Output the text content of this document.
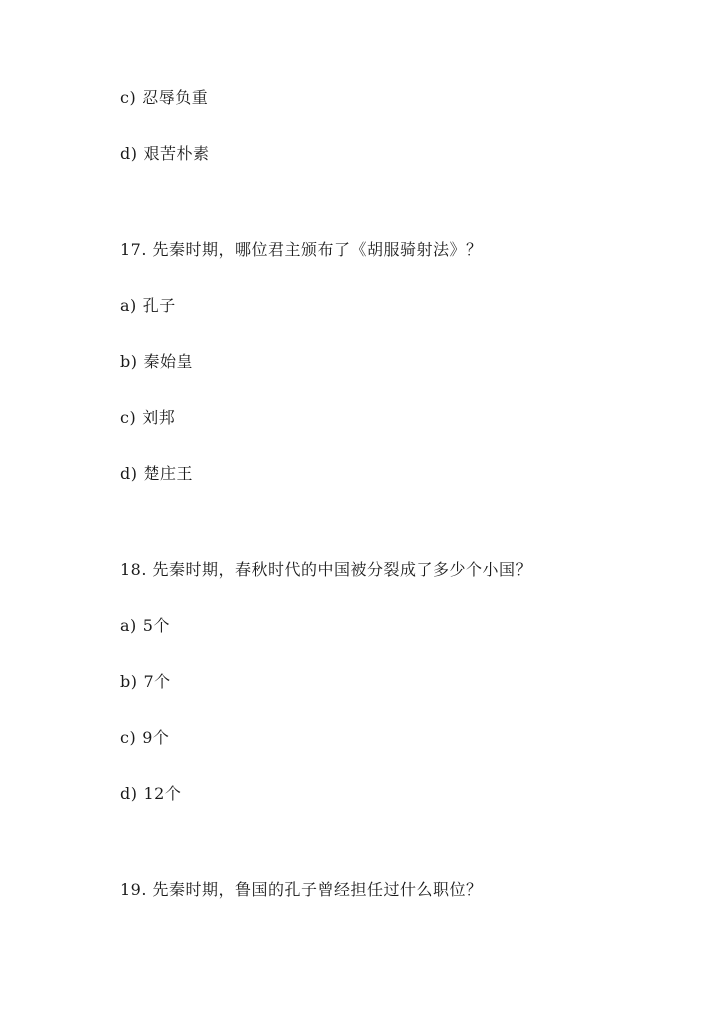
c) 忍辱负重
d) 艰苦朴素
17. 先秦时期，哪位君主颁布了《胡服骑射法》？
a) 孔子
b) 秦始皇
c) 刘邦
d) 楚庄王
18. 先秦时期，春秋时代的中国被分裂成了多少个小国？
a) 5个
b) 7个
c) 9个
d) 12个
19. 先秦时期，鲁国的孔子曾经担任过什么职位？
